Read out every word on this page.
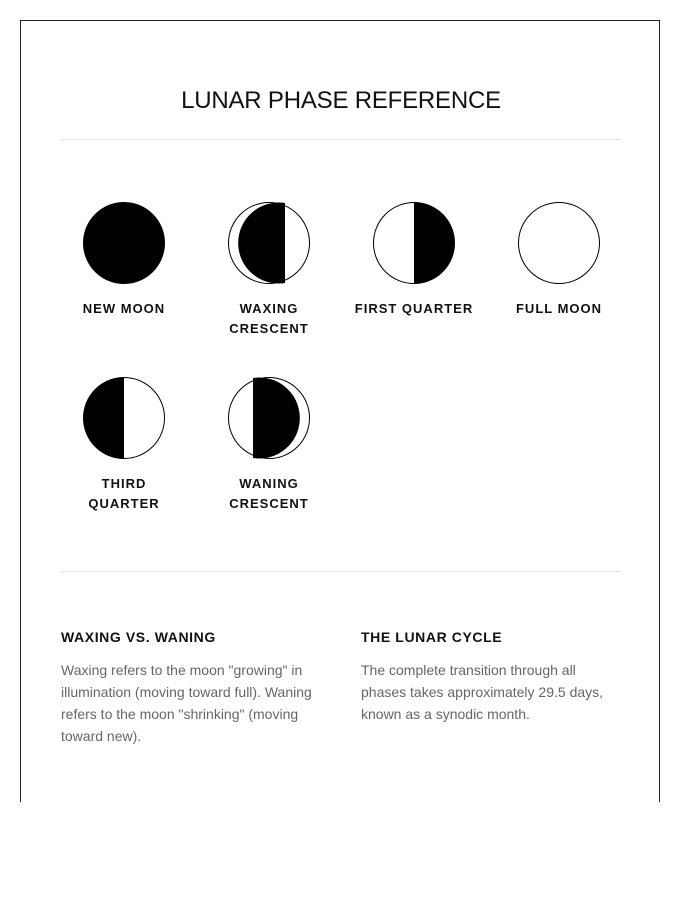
LUNAR PHASE REFERENCE
NEW MOON	WAXING CRESCENT
FIRST QUARTER	FULL MOON
THIRD QUARTER
WANING CRESCENT
WAXING VS. WANING

Waxing refers to the moon "growing" in illumination (moving toward full). Waning refers to the moon "shrinking" (moving toward new).

THE LUNAR CYCLE

The complete transition through all phases takes approximately 29.5 days, known as a synodic month.
